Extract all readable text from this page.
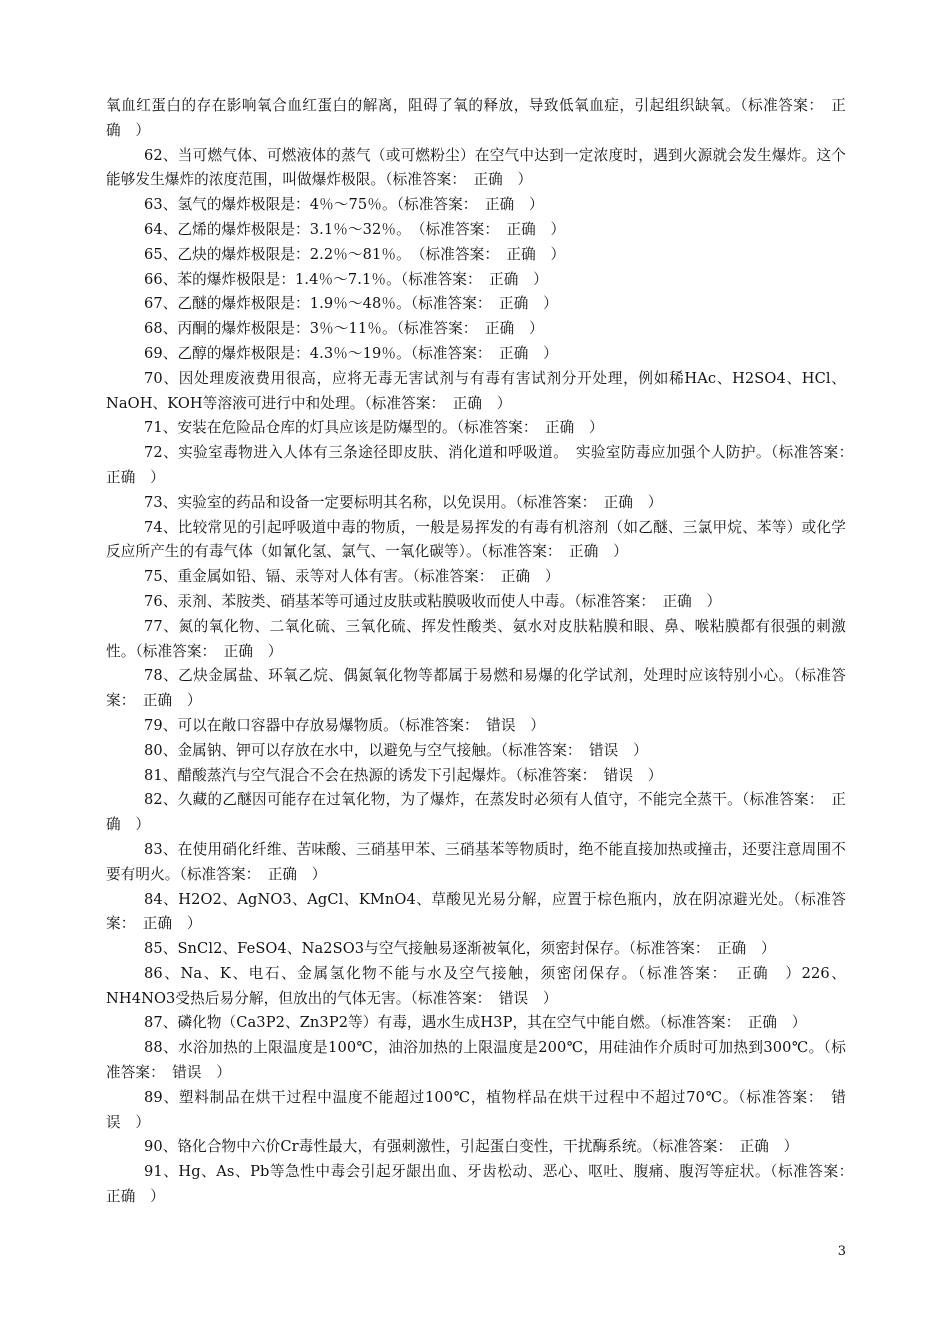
氧血红蛋白的存在影响氧合血红蛋白的解离，阻碍了氧的释放，导致低氧血症，引起组织缺氧。（标准答案：　正确　）

62、当可燃气体、可燃液体的蒸气（或可燃粉尘）在空气中达到一定浓度时，遇到火源就会发生爆炸。这个能够发生爆炸的浓度范围，叫做爆炸极限。（标准答案：　正确　）

63、氢气的爆炸极限是：4％～75％。（标准答案：　正确　）

64、乙烯的爆炸极限是：3.1％～32％。　（标准答案：　正确　）

65、乙炔的爆炸极限是：2.2％～81％。　（标准答案：　正确　）

66、苯的爆炸极限是：1.4％～7.1％。（标准答案：　正确　）

67、乙醚的爆炸极限是：1.9％～48％。（标准答案：　正确　）

68、丙酮的爆炸极限是：3％～11％。（标准答案：　正确　）

69、乙醇的爆炸极限是：4.3％～19％。（标准答案：　正确　）

70、因处理废液费用很高，应将无毒无害试剂与有毒有害试剂分开处理，例如稀HAc、H2SO4、HCl、NaOH、KOH等溶液可进行中和处理。（标准答案：　正确　）

71、安装在危险品仓库的灯具应该是防爆型的。（标准答案：　正确　）

72、实验室毒物进入人体有三条途径即皮肤、消化道和呼吸道。　实验室防毒应加强个人防护。（标准答案：　正确　）

73、实验室的药品和设备一定要标明其名称，以免误用。（标准答案：　正确　）

74、比较常见的引起呼吸道中毒的物质，一般是易挥发的有毒有机溶剂（如乙醚、三氯甲烷、苯等）或化学反应所产生的有毒气体（如氰化氢、氯气、一氧化碳等）。（标准答案：　正确　）

75、重金属如铅、镉、汞等对人体有害。（标准答案：　正确　）

76、汞剂、苯胺类、硝基苯等可通过皮肤或粘膜吸收而使人中毒。（标准答案：　正确　）

77、氮的氧化物、二氧化硫、三氧化硫、挥发性酸类、氨水对皮肤粘膜和眼、鼻、喉粘膜都有很强的刺激性。（标准答案：　正确　）

78、乙炔金属盐、环氧乙烷、偶氮氧化物等都属于易燃和易爆的化学试剂，处理时应该特别小心。（标准答案：　正确　）

79、可以在敞口容器中存放易爆物质。（标准答案：　错误　）

80、金属钠、钾可以存放在水中，以避免与空气接触。（标准答案：　错误　）

81、醋酸蒸汽与空气混合不会在热源的诱发下引起爆炸。（标准答案：　错误　）

82、久藏的乙醚因可能存在过氧化物，为了爆炸，在蒸发时必须有人值守，不能完全蒸干。（标准答案：　正确　）

83、在使用硝化纤维、苦味酸、三硝基甲苯、三硝基苯等物质时，绝不能直接加热或撞击，还要注意周围不要有明火。（标准答案：　正确　）

84、H2O2、AgNO3、AgCl、KMnO4、草酸见光易分解，应置于棕色瓶内，放在阴凉避光处。（标准答案：　正确　）

85、SnCl2、FeSO4、Na2SO3与空气接触易逐渐被氧化，须密封保存。（标准答案：　正确　）

86、Na、K、电石、金属氢化物不能与水及空气接触，须密闭保存。（标准答案：　正确　）226、NH4NO3受热后易分解，但放出的气体无害。（标准答案：　错误　）

87、磷化物（Ca3P2、Zn3P2等）有毒，遇水生成H3P，其在空气中能自燃。（标准答案：　正确　）

88、水浴加热的上限温度是100℃，油浴加热的上限温度是200℃，用硅油作介质时可加热到300℃。（标准答案：　错误　）

89、塑料制品在烘干过程中温度不能超过100℃，植物样品在烘干过程中不超过70℃。（标准答案：　错误　）

90、铬化合物中六价Cr毒性最大，有强刺激性，引起蛋白变性，干扰酶系统。（标准答案：　正确　）

91、Hg、As、Pb等急性中毒会引起牙龈出血、牙齿松动、恶心、呕吐、腹痛、腹泻等症状。（标准答案：　正确　）

3
